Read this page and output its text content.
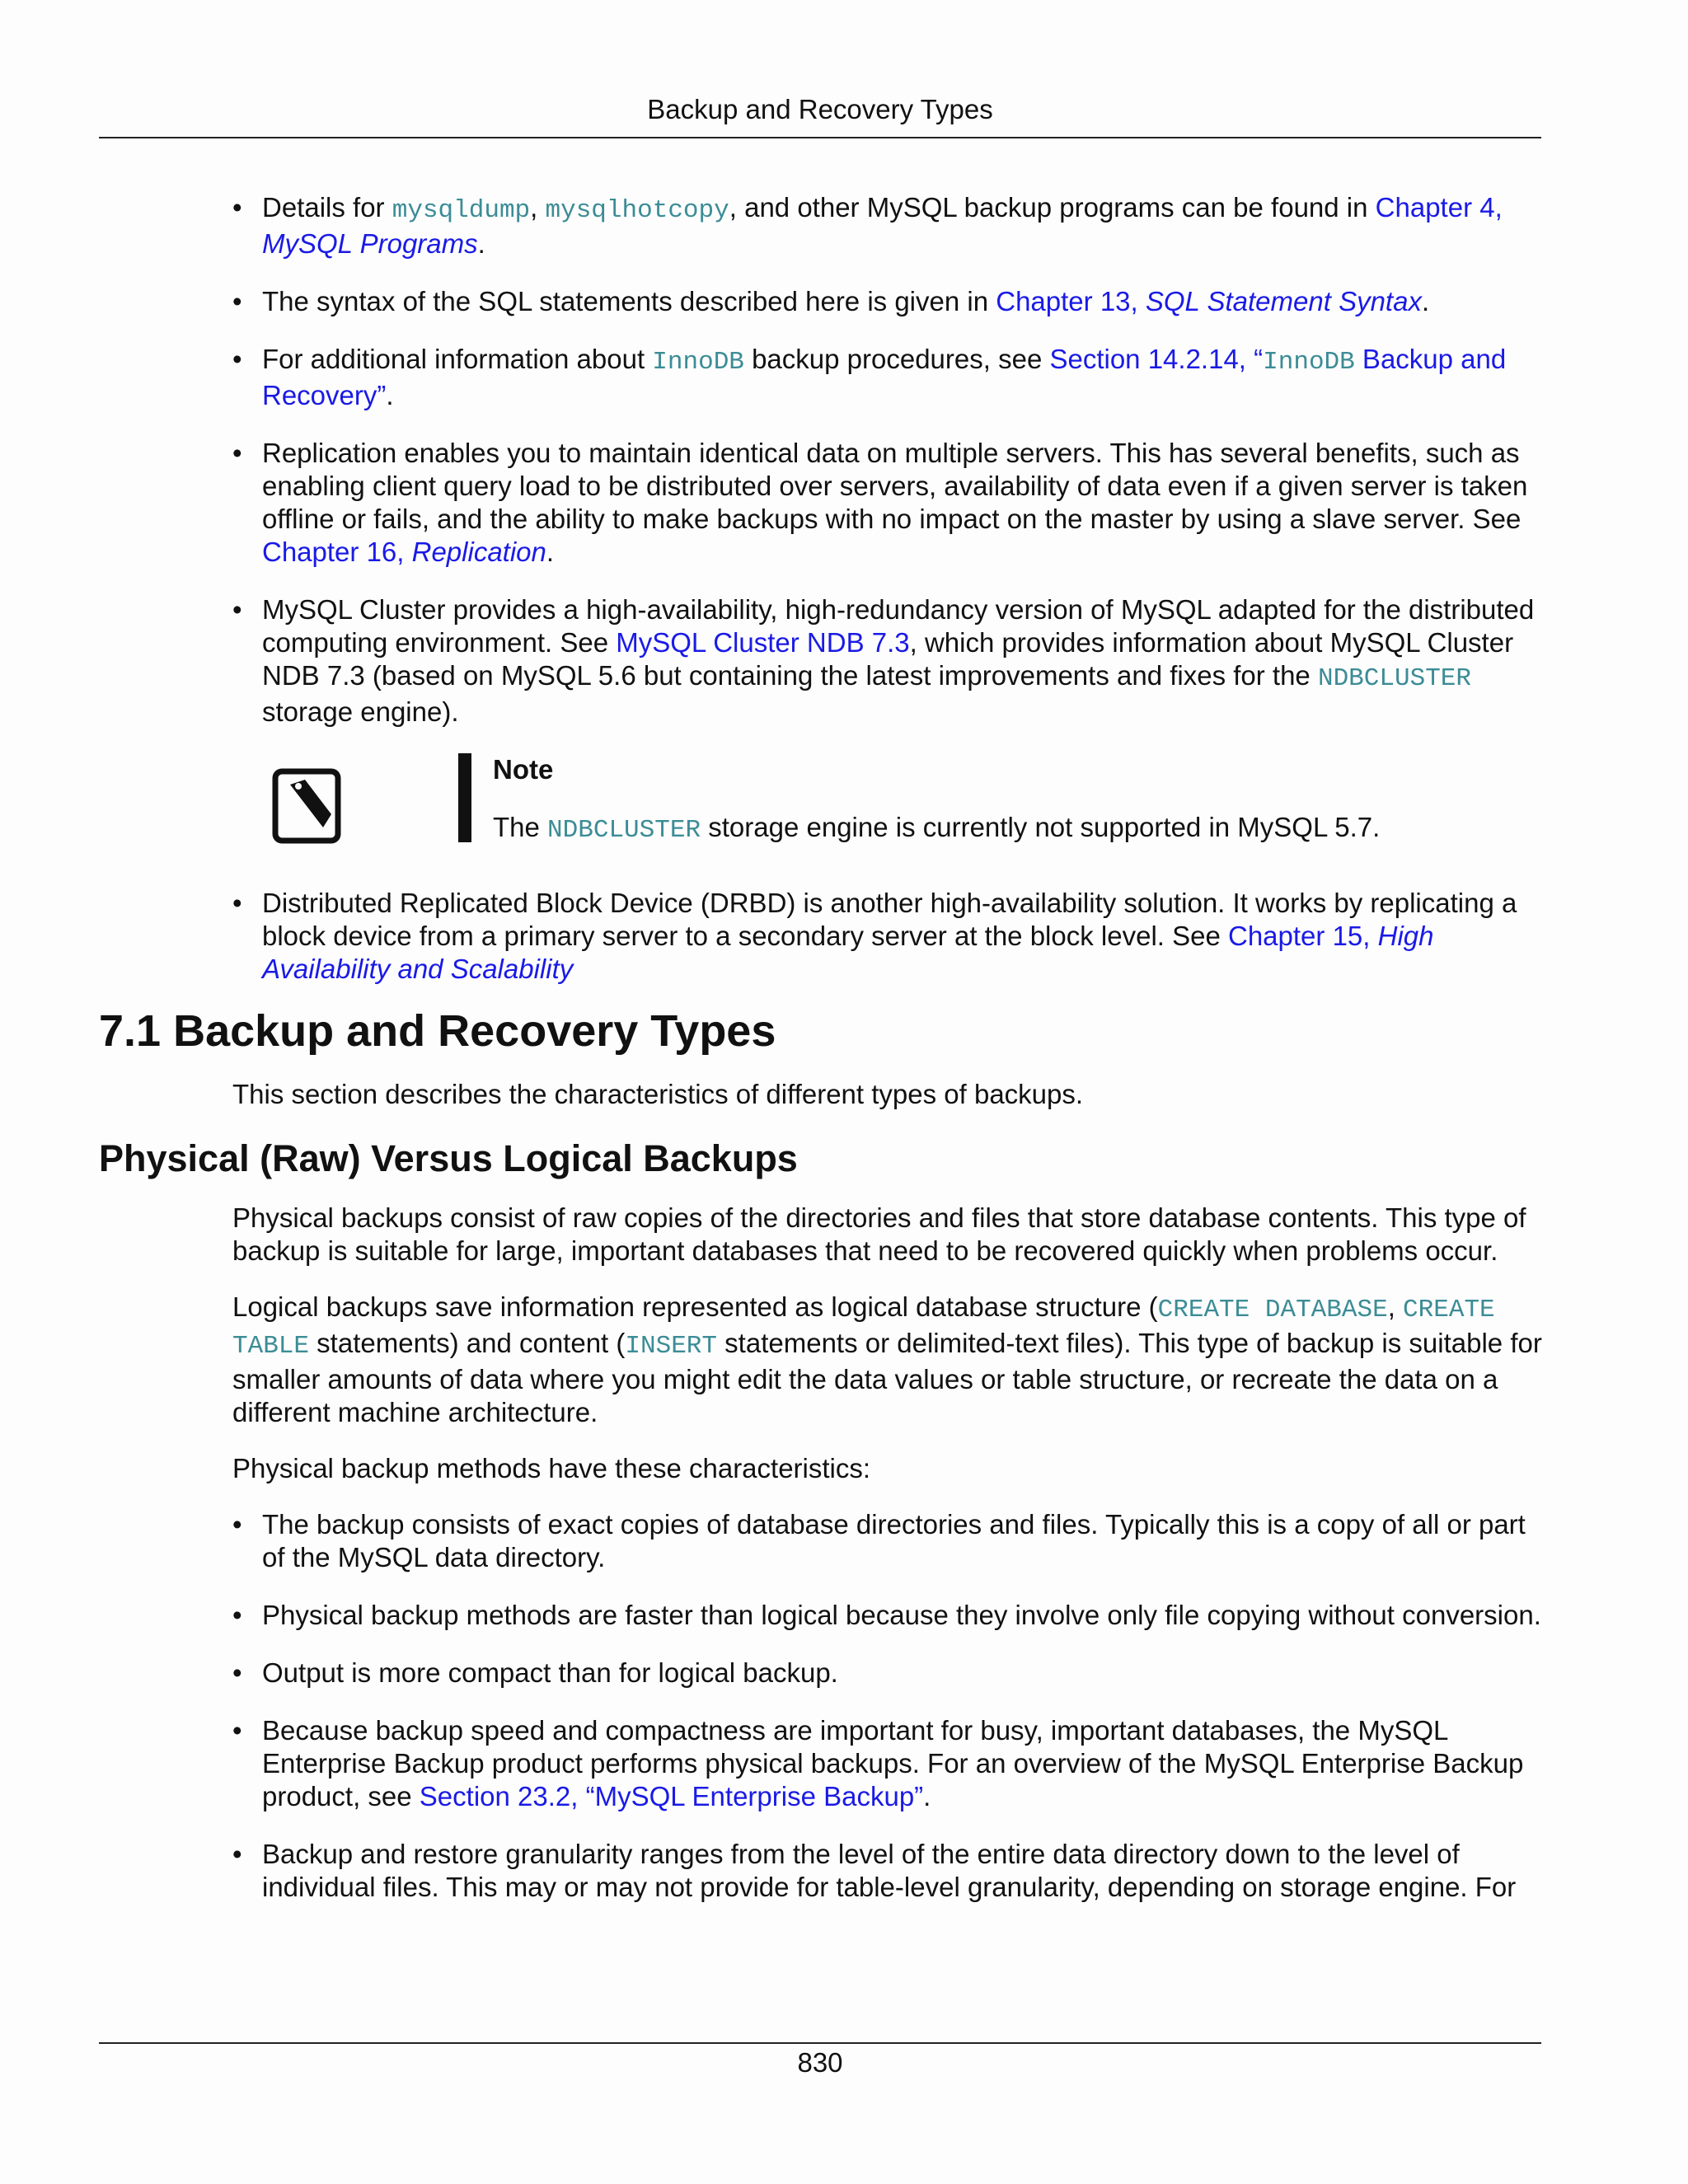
Backup and Recovery Types
• Details for mysqldump, mysqlhotcopy, and other MySQL backup programs can be found in Chapter 4, MySQL Programs.
• The syntax of the SQL statements described here is given in Chapter 13, SQL Statement Syntax.
• For additional information about InnoDB backup procedures, see Section 14.2.14, “InnoDB Backup and Recovery”.
• Replication enables you to maintain identical data on multiple servers. This has several benefits, such as enabling client query load to be distributed over servers, availability of data even if a given server is taken offline or fails, and the ability to make backups with no impact on the master by using a slave server. See Chapter 16, Replication.
• MySQL Cluster provides a high-availability, high-redundancy version of MySQL adapted for the distributed computing environment. See MySQL Cluster NDB 7.3, which provides information about MySQL Cluster NDB 7.3 (based on MySQL 5.6 but containing the latest improvements and fixes for the NDBCLUSTER storage engine).
Note
The NDBCLUSTER storage engine is currently not supported in MySQL 5.7.
• Distributed Replicated Block Device (DRBD) is another high-availability solution. It works by replicating a block device from a primary server to a secondary server at the block level. See Chapter 15, High Availability and Scalability
7.1 Backup and Recovery Types
This section describes the characteristics of different types of backups.
Physical (Raw) Versus Logical Backups
Physical backups consist of raw copies of the directories and files that store database contents. This type of backup is suitable for large, important databases that need to be recovered quickly when problems occur.
Logical backups save information represented as logical database structure (CREATE DATABASE, CREATE TABLE statements) and content (INSERT statements or delimited-text files). This type of backup is suitable for smaller amounts of data where you might edit the data values or table structure, or recreate the data on a different machine architecture.
Physical backup methods have these characteristics:
• The backup consists of exact copies of database directories and files. Typically this is a copy of all or part of the MySQL data directory.
• Physical backup methods are faster than logical because they involve only file copying without conversion.
• Output is more compact than for logical backup.
• Because backup speed and compactness are important for busy, important databases, the MySQL Enterprise Backup product performs physical backups. For an overview of the MySQL Enterprise Backup product, see Section 23.2, “MySQL Enterprise Backup”.
• Backup and restore granularity ranges from the level of the entire data directory down to the level of individual files. This may or may not provide for table-level granularity, depending on storage engine. For
830
